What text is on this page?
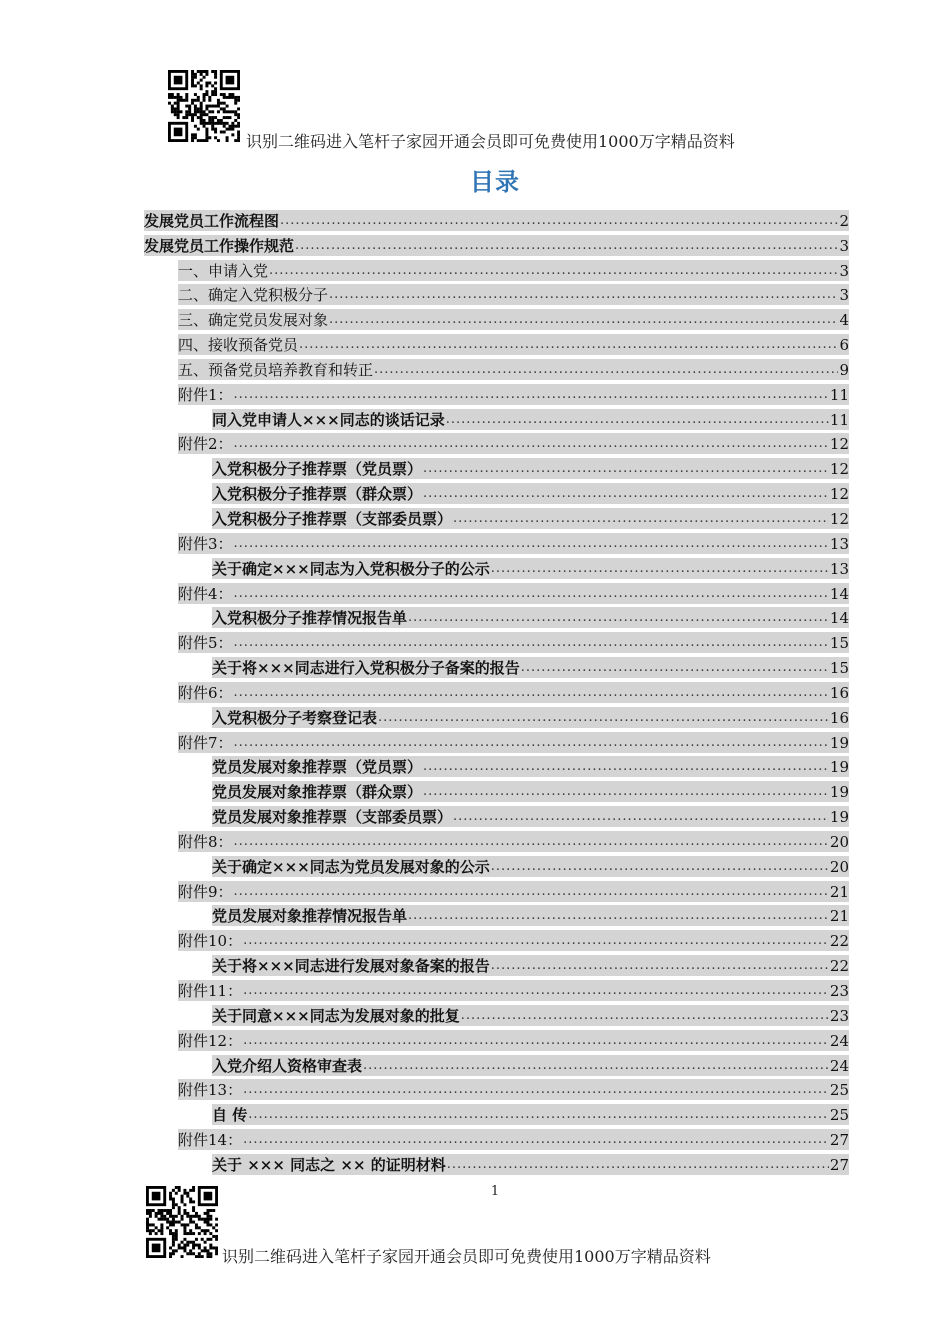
识别二维码进入笔杆子家园开通会员即可免费使用1000万字精品资料
目录
发展党员工作流程图 .....	2
发展党员工作操作规范 .....	3
一、申请入党 .....	3
二、确定入党积极分子 .....	3
三、确定党员发展对象 .....	4
四、接收预备党员 .....	6
五、预备党员培养教育和转正 .....	9
附件1： .....	11
同入党申请人×××同志的谈话记录 .....	11
附件2： .....	12
入党积极分子推荐票（党员票） .....	12
入党积极分子推荐票（群众票） .....	12
入党积极分子推荐票（支部委员票） .....	12
附件3： .....	13
关于确定×××同志为入党积极分子的公示 .....	13
附件4： .....	14
入党积极分子推荐情况报告单 .....	14
附件5： .....	15
关于将×××同志进行入党积极分子备案的报告 .....	15
附件6： .....	16
入党积极分子考察登记表 .....	16
附件7： .....	19
党员发展对象推荐票（党员票） .....	19
党员发展对象推荐票（群众票） .....	19
党员发展对象推荐票（支部委员票） .....	19
附件8： .....	20
关于确定×××同志为党员发展对象的公示 .....	20
附件9： .....	21
党员发展对象推荐情况报告单 .....	21
附件10： .....	22
关于将×××同志进行发展对象备案的报告 .....	22
附件11： .....	23
关于同意×××同志为发展对象的批复 .....	23
附件12： .....	24
入党介绍人资格审查表 .....	24
附件13： .....	25
自 传 .....	25
附件14： .....	27
关于 ××× 同志之 ×× 的证明材料 .....	27
1
识别二维码进入笔杆子家园开通会员即可免费使用1000万字精品资料
